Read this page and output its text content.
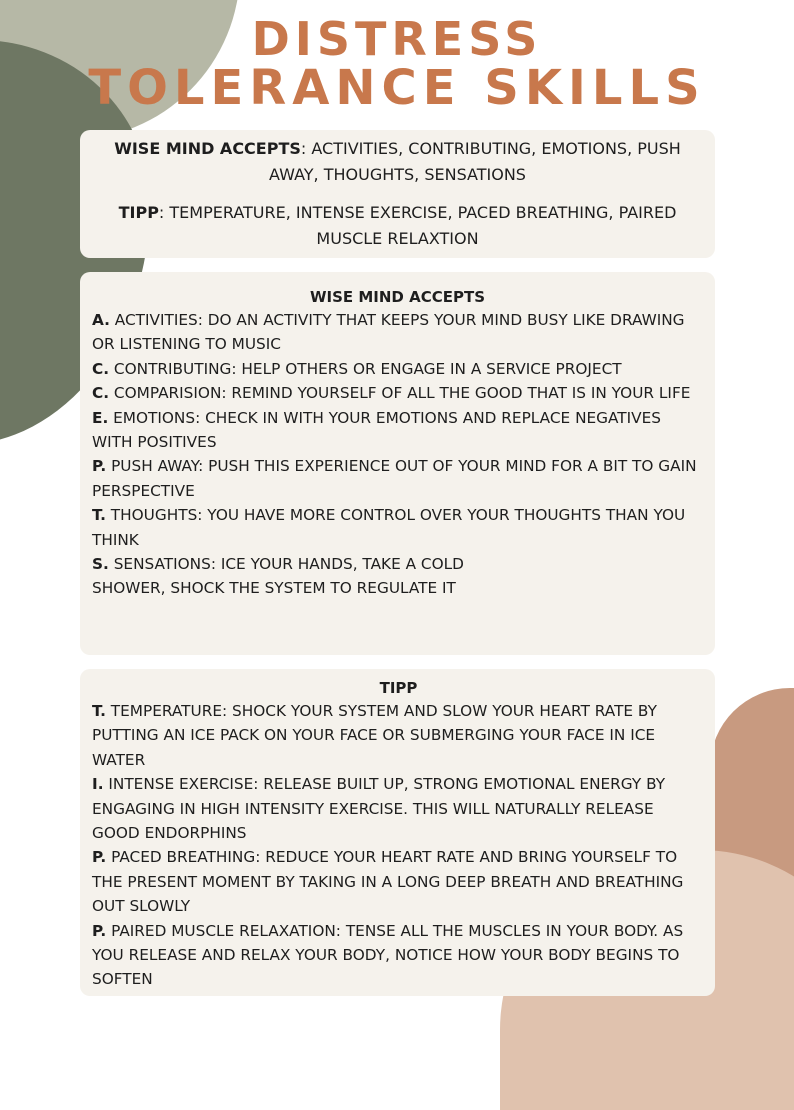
DISTRESS
TOLERANCE SKILLS

WISE MIND ACCEPTS: ACTIVITIES, CONTRIBUTING, EMOTIONS, PUSH AWAY, THOUGHTS, SENSATIONS

TIPP: TEMPERATURE, INTENSE EXERCISE, PACED BREATHING, PAIRED MUSCLE RELAXTION

WISE MIND ACCEPTS

A. ACTIVITIES: DO AN ACTIVITY THAT KEEPS YOUR MIND BUSY LIKE DRAWING OR LISTENING TO MUSIC

C. CONTRIBUTING: HELP OTHERS OR ENGAGE IN A SERVICE PROJECT

C. COMPARISION: REMIND YOURSELF OF ALL THE GOOD THAT IS IN YOUR LIFE

E. EMOTIONS: CHECK IN WITH YOUR EMOTIONS AND REPLACE NEGATIVES WITH POSITIVES

P. PUSH AWAY: PUSH THIS EXPERIENCE OUT OF YOUR MIND FOR A BIT TO GAIN PERSPECTIVE

T. THOUGHTS: YOU HAVE MORE CONTROL OVER YOUR THOUGHTS THAN YOU THINK

S. SENSATIONS: ICE YOUR HANDS, TAKE A COLD
SHOWER, SHOCK THE SYSTEM TO REGULATE IT

TIPP

T. TEMPERATURE: SHOCK YOUR SYSTEM AND SLOW YOUR HEART RATE BY PUTTING AN ICE PACK ON YOUR FACE OR SUBMERGING YOUR FACE IN ICE WATER

I. INTENSE EXERCISE: RELEASE BUILT UP, STRONG EMOTIONAL ENERGY BY ENGAGING IN HIGH INTENSITY EXERCISE. THIS WILL NATURALLY RELEASE GOOD ENDORPHINS

P. PACED BREATHING: REDUCE YOUR HEART RATE AND BRING YOURSELF TO THE PRESENT MOMENT BY TAKING IN A LONG DEEP BREATH AND BREATHING OUT SLOWLY

P. PAIRED MUSCLE RELAXATION: TENSE ALL THE MUSCLES IN YOUR BODY. AS YOU RELEASE AND RELAX YOUR BODY, NOTICE HOW YOUR BODY BEGINS TO SOFTEN
